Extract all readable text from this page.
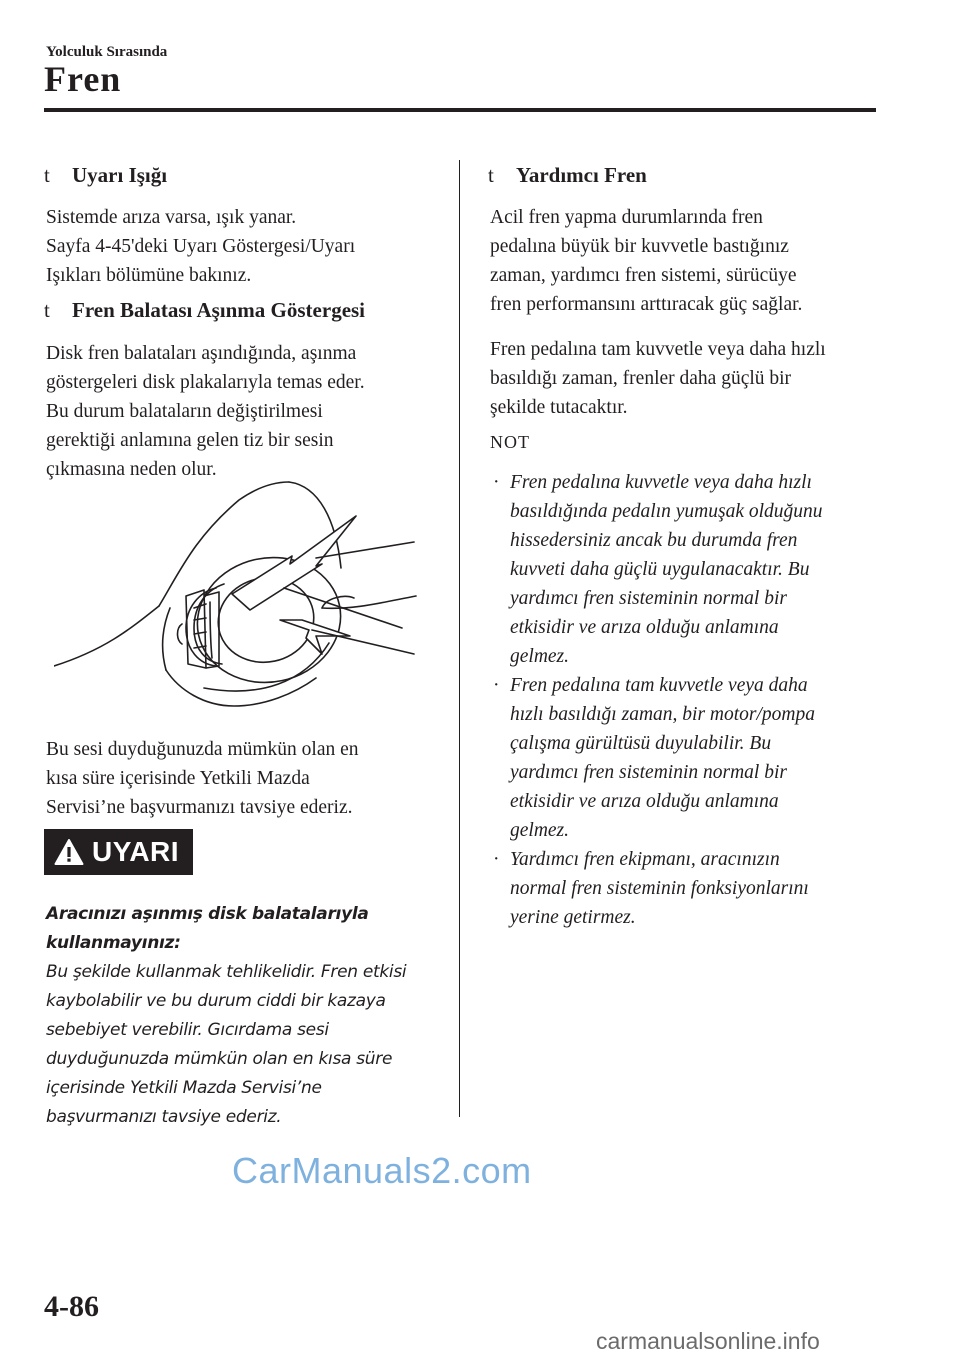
Yolculuk Sırasında
Fren
t Uyarı Işığı
Sistemde arıza varsa, ışık yanar.
Sayfa 4-45'deki Uyarı Göstergesi/Uyarı
Işıkları bölümüne bakınız.
t Fren Balatası Aşınma Göstergesi
Disk fren balataları aşındığında, aşınma
göstergeleri disk plakalarıyla temas eder.
Bu durum balataların değiştirilmesi
gerektiği anlamına gelen tiz bir sesin
çıkmasına neden olur.
Bu sesi duyduğunuzda mümkün olan en
kısa süre içerisinde Yetkili Mazda
Servisi’ne başvurmanızı tavsiye ederiz.
UYARI
Aracınızı aşınmış disk balatalarıyla
kullanmayınız:
Bu şekilde kullanmak tehlikelidir. Fren etkisi
kaybolabilir ve bu durum ciddi bir kazaya
sebebiyet verebilir. Gıcırdama sesi
duyduğunuzda mümkün olan en kısa süre
içerisinde Yetkili Mazda Servisi’ne
başvurmanızı tavsiye ederiz.
t Yardımcı Fren
Acil fren yapma durumlarında fren
pedalına büyük bir kuvvetle bastığınız
zaman, yardımcı fren sistemi, sürücüye
fren performansını arttıracak güç sağlar.
Fren pedalına tam kuvvetle veya daha hızlı
basıldığı zaman, frenler daha güçlü bir
şekilde tutacaktır.
NOT
· Fren pedalına kuvvetle veya daha hızlı
basıldığında pedalın yumuşak olduğunu
hissedersiniz ancak bu durumda fren
kuvveti daha güçlü uygulanacaktır. Bu
yardımcı fren sisteminin normal bir
etkisidir ve arıza olduğu anlamına
gelmez.
· Fren pedalına tam kuvvetle veya daha
hızlı basıldığı zaman, bir motor/pompa
çalışma gürültüsü duyulabilir. Bu
yardımcı fren sisteminin normal bir
etkisidir ve arıza olduğu anlamına
gelmez.
· Yardımcı fren ekipmanı, aracınızın
normal fren sisteminin fonksiyonlarını
yerine getirmez.
CarManuals2.com
4-86
carmanualsonline.info
